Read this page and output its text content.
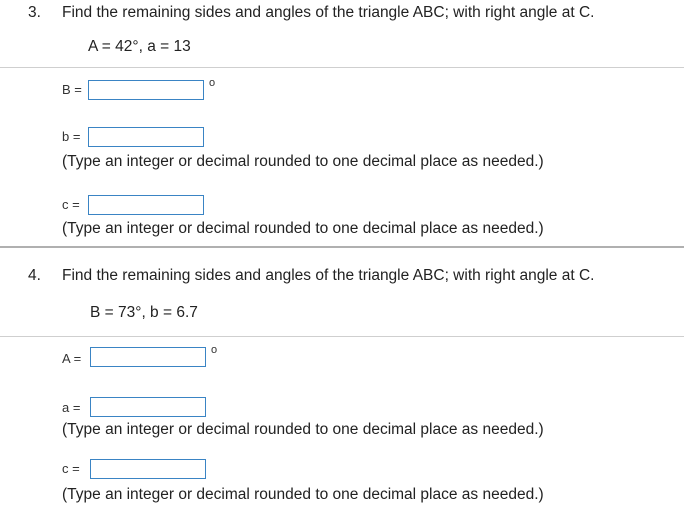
3. Find the remaining sides and angles of the triangle ABC; with right angle at C.
A = 42°, a = 13
B =	o
b =
(Type an integer or decimal rounded to one decimal place as needed.)
c =
(Type an integer or decimal rounded to one decimal place as needed.)
4. Find the remaining sides and angles of the triangle ABC; with right angle at C.
B = 73°, b = 6.7
A =
o
a =
(Type an integer or decimal rounded to one decimal place as needed.)
c =
(Type an integer or decimal rounded to one decimal place as needed.)
